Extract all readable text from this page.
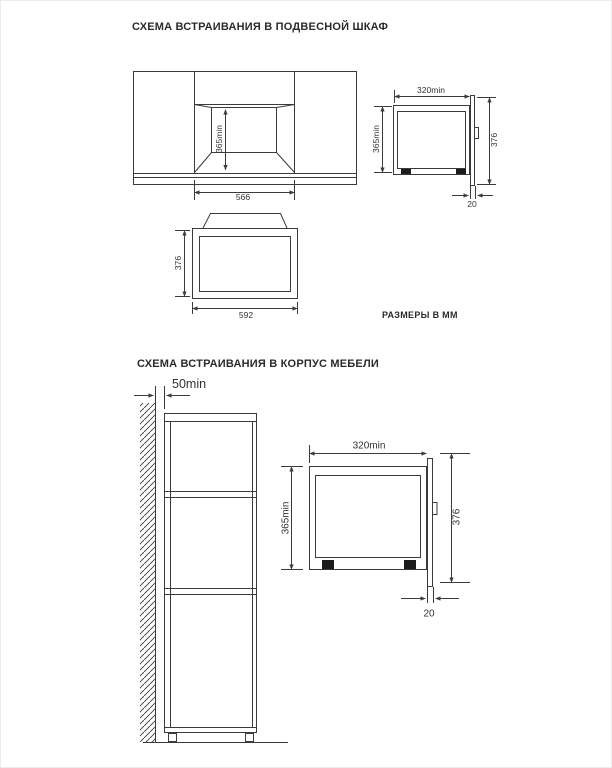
СХЕМА ВСТРАИВАНИЯ В ПОДВЕСНОЙ ШКАФ
365min
566
320min
365min	376
20
376
592	РАЗМЕРЫ В ММ
СХЕМА ВСТРАИВАНИЯ В КОРПУС МЕБЕЛИ
50min
320min
365min	376
20
